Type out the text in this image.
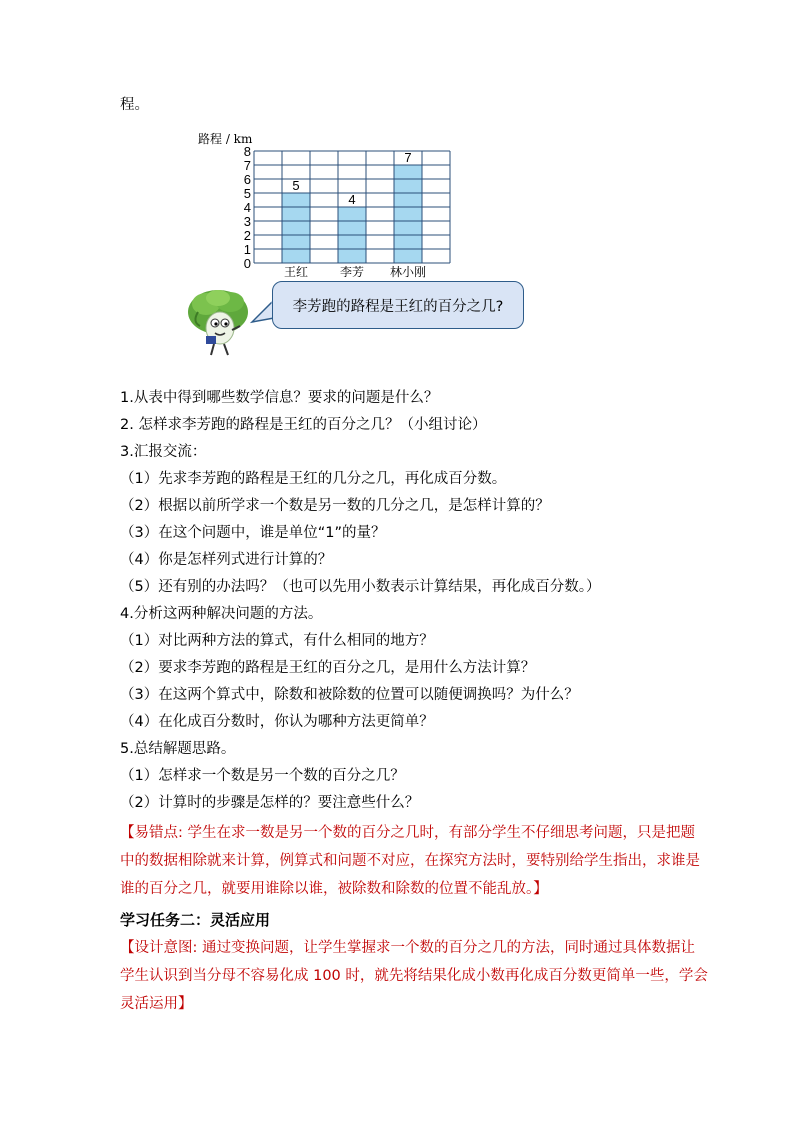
程。
路程 / km
0
1
2
3
4
5
6
7
8
5
4
7
王红	李芳 林小刚
李芳跑的路程是王红的百分之几?
1.从表中得到哪些数学信息？要求的问题是什么？
2. 怎样求李芳跑的路程是王红的百分之几？（小组讨论）
3.汇报交流：
（1）先求李芳跑的路程是王红的几分之几，再化成百分数。
（2）根据以前所学求一个数是另一数的几分之几，是怎样计算的？
（3）在这个问题中，谁是单位“1”的量？
（4）你是怎样列式进行计算的？
（5）还有别的办法吗？（也可以先用小数表示计算结果，再化成百分数。）
4.分析这两种解决问题的方法。
（1）对比两种方法的算式，有什么相同的地方？
（2）要求李芳跑的路程是王红的百分之几，是用什么方法计算？
（3）在这两个算式中，除数和被除数的位置可以随便调换吗？为什么？
（4）在化成百分数时，你认为哪种方法更简单？
5.总结解题思路。
（1）怎样求一个数是另一个数的百分之几？
（2）计算时的步骤是怎样的？要注意些什么？
【易错点: 学生在求一数是另一个数的百分之几时，有部分学生不仔细思考问题，只是把题
中的数据相除就来计算，例算式和问题不对应，在探究方法时，要特别给学生指出，求谁是
谁的百分之几，就要用谁除以谁，被除数和除数的位置不能乱放。】
学习任务二：灵活应用
【设计意图: 通过变换问题，让学生掌握求一个数的百分之几的方法，同时通过具体数据让
学生认识到当分母不容易化成 100 时，就先将结果化成小数再化成百分数更简单一些，学会
灵活运用】
